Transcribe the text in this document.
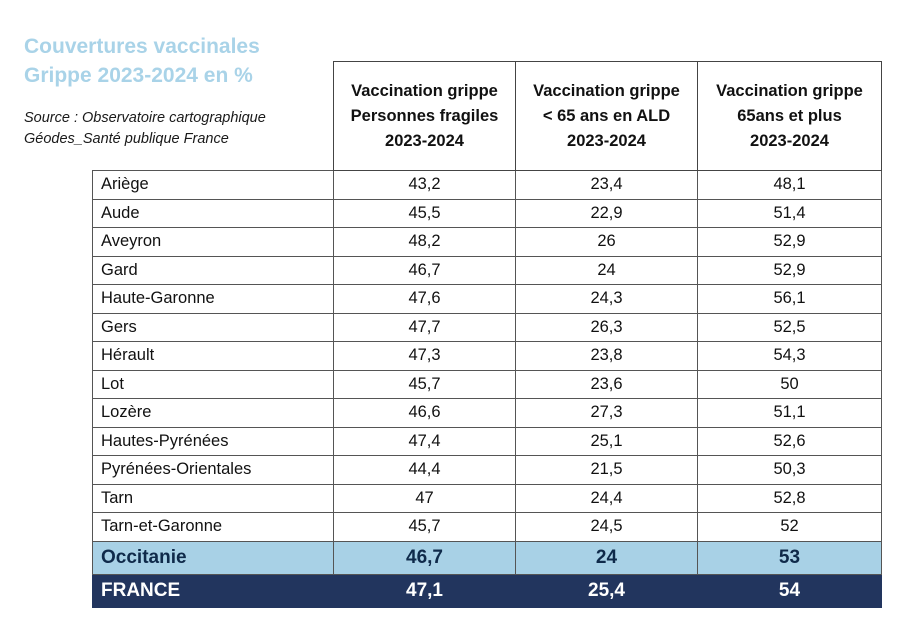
Couvertures vaccinales
Grippe 2023-2024 en %

Source : Observatoire cartographique
Géodes_Santé publique France

	Vaccination grippe
Personnes fragiles
2023-2024	Vaccination grippe
< 65 ans en ALD
2023-2024	Vaccination grippe
65ans et plus
2023-2024

Ariège	43,2	23,4	48,1
Aude	45,5	22,9	51,4
Aveyron	48,2	26	52,9
Gard	46,7	24	52,9
Haute-Garonne	47,6	24,3	56,1
Gers	47,7	26,3	52,5
Hérault	47,3	23,8	54,3
Lot	45,7	23,6	50
Lozère	46,6	27,3	51,1
Hautes-Pyrénées	47,4	25,1	52,6
Pyrénées-Orientales	44,4	21,5	50,3
Tarn	47	24,4	52,8
Tarn-et-Garonne	45,7	24,5	52
Occitanie	46,7	24	53
FRANCE	47,1	25,4	54
